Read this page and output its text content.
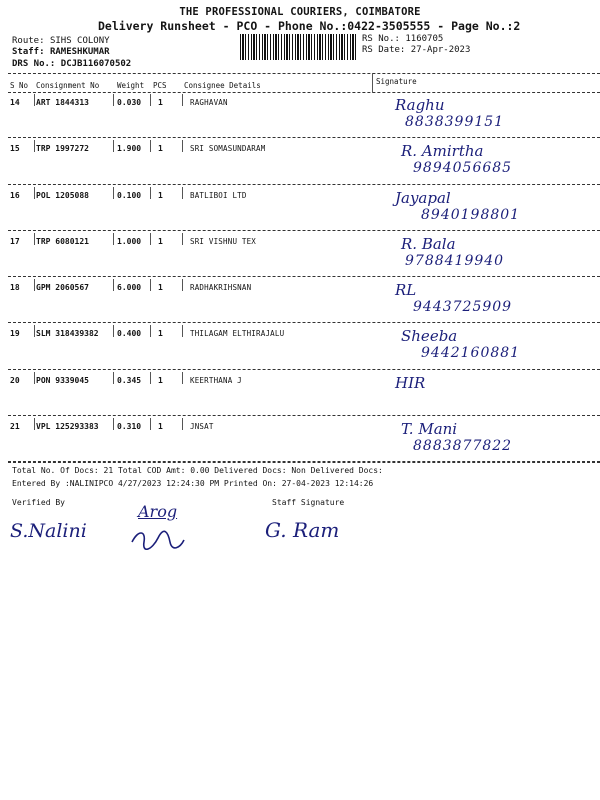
THE PROFESSIONAL COURIERS, COIMBATORE
Delivery Runsheet - PCO - Phone No.:0422-3505555 - Page No.:2
Route: SIHS COLONY
Staff: RAMESHKUMAR
DRS No.: DCJB116070502
RS No.: 1160705
RS Date: 27-Apr-2023
S No Consignment No Weight PCS Consignee Details	Signature
14 ART 1844313	0.030 1	RAGHAVAN	Raghu
8838399151
15 TRP 1997272	1.900 1	SRI SOMASUNDARAM	R. Amirtha
9894056685
16 POL 1205088	0.100 1	BATLIBOI LTD	Jayapal
8940198801
17 TRP 6080121	1.000 1	SRI VISHNU TEX	R. Bala
9788419940
18 GPM 2060567	6.000 1	RADHAKRIHSNAN	RL
9443725909
19 SLM 318439382 0.400 1	THILAGAM ELTHIRAJALU	Sheeba
9442160881
20 PON 9339045	0.345 1	KEERTHANA J	HIR
21 VPL 125293383 0.310 1	JNSAT	T. Mani
8883877822
Total No. Of Docs: 21 Total COD Amt: 0.00 Delivered Docs: Non Delivered Docs:
Entered By :NALINIPCO 4/27/2023 12:24:30 PM Printed On: 27-04-2023 12:14:26
Verified By	Staff Signature
S.Nalini
Arog
G. Ram
